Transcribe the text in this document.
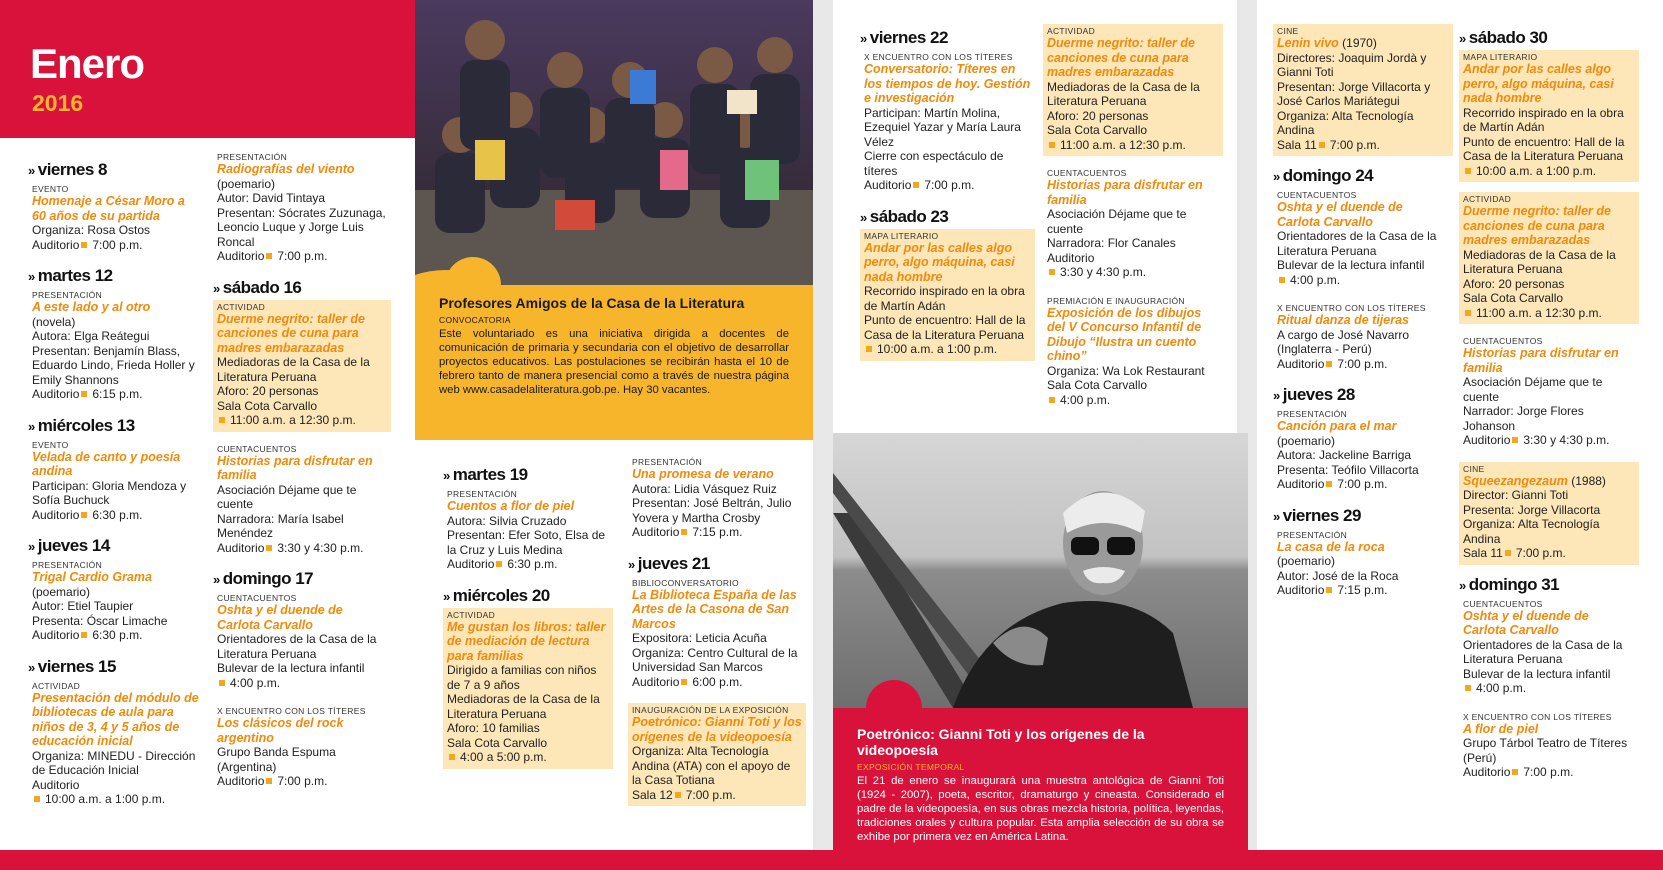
Enero
2016
Profesores Amigos de la Casa de la Literatura
CONVOCATORIA
Este voluntariado es una iniciativa dirigida a docentes de comunicación de primaria y secundaria con el objetivo de desarrollar proyectos educativos. Las postulaciones se recibirán hasta el 10 de febrero tanto de manera presencial como a través de nuestra página web www.casadelaliteratura.gob.pe. Hay 30 vacantes.
Poetrónico: Gianni Toti y los orígenes de la videopoesía
EXPOSICIÓN TEMPORAL
El 21 de enero se inaugurará una muestra antológica de Gianni Toti (1924 - 2007), poeta, escritor, dramaturgo y cineasta. Considerado el padre de la videopoesía, en sus obras mezcla historia, política, leyendas, tradiciones orales y cultura popular. Esta amplia selección de su obra se exhibe por primera vez en América Latina.
» viernes 8
EVENTO
Homenaje a César Moro a 60 años de su partida
Organiza: Rosa Ostos
Auditorio 7:00 p.m.
» martes 12
PRESENTACIÓN
A este lado y al otro
(novela)
Autora: Elga Reátegui
Presentan: Benjamín Blass, Eduardo Lindo, Frieda Holler y Emily Shannons
Auditorio 6:15 p.m.
» miércoles 13
EVENTO
Velada de canto y poesía andina
Participan: Gloria Mendoza y Sofía Buchuck
Auditorio 6:30 p.m.
» jueves 14
PRESENTACIÓN
Trigal Cardio Grama
(poemario)
Autor: Etiel Taupier
Presenta: Óscar Limache
Auditorio 6:30 p.m.
» viernes 15
ACTIVIDAD
Presentación del módulo de bibliotecas de aula para niños de 3, 4 y 5 años de educación inicial
Organiza: MINEDU - Dirección de Educación Inicial
Auditorio
10:00 a.m. a 1:00 p.m.
PRESENTACIÓN
Radiografías del viento
(poemario)
Autor: David Tintaya
Presentan: Sócrates Zuzunaga, Leoncio Luque y Jorge Luis Roncal
Auditorio 7:00 p.m.
» sábado 16
ACTIVIDAD
Duerme negrito: taller de canciones de cuna para madres embarazadas
Mediadoras de la Casa de la Literatura Peruana
Aforo: 20 personas
Sala Cota Carvallo
11:00 a.m. a 12:30 p.m.
CUENTACUENTOS
Historias para disfrutar en familia
Asociación Déjame que te cuente
Narradora: María Isabel Menéndez
Auditorio 3:30 y 4:30 p.m.
» domingo 17
CUENTACUENTOS
Oshta y el duende de Carlota Carvallo
Orientadores de la Casa de la Literatura Peruana
Bulevar de la lectura infantil
4:00 p.m.
X ENCUENTRO CON LOS TÍTERES
Los clásicos del rock argentino
Grupo Banda Espuma (Argentina)
Auditorio 7:00 p.m.
» martes 19
PRESENTACIÓN
Cuentos a flor de piel
Autora: Silvia Cruzado
Presentan: Efer Soto, Elsa de la Cruz y Luis Medina
Auditorio 6:30 p.m.
» miércoles 20
ACTIVIDAD
Me gustan los libros: taller de mediación de lectura para familias
Dirigido a familias con niños de 7 a 9 años
Mediadoras de la Casa de la Literatura Peruana
Aforo: 10 familias
Sala Cota Carvallo
4:00 a 5:00 p.m.
PRESENTACIÓN
Una promesa de verano
Autora: Lidia Vásquez Ruiz
Presentan: José Beltrán, Julio Yovera y Martha Crosby
Auditorio 7:15 p.m.
» jueves 21
BIBLIOCONVERSATORIO
La Biblioteca España de las Artes de la Casona de San Marcos
Expositora: Leticia Acuña
Organiza: Centro Cultural de la Universidad San Marcos
Auditorio 6:00 p.m.
INAUGURACIÓN DE LA EXPOSICIÓN
Poetrónico: Gianni Toti y los orígenes de la videopoesía
Organiza: Alta Tecnología Andina (ATA) con el apoyo de la Casa Totiana
Sala 12 7:00 p.m.
» viernes 22
X ENCUENTRO CON LOS TÍTERES
Conversatorio: Títeres en los tiempos de hoy. Gestión e investigación
Participan: Martín Molina, Ezequiel Yazar y María Laura Vélez
Cierre con espectáculo de títeres
Auditorio 7:00 p.m.
» sábado 23
MAPA LITERARIO
Andar por las calles algo perro, algo máquina, casi nada hombre
Recorrido inspirado en la obra de Martín Adán
Punto de encuentro: Hall de la Casa de la Literatura Peruana
10:00 a.m. a 1:00 p.m.
ACTIVIDAD
Duerme negrito: taller de canciones de cuna para madres embarazadas
Mediadoras de la Casa de la Literatura Peruana
Aforo: 20 personas
Sala Cota Carvallo
11:00 a.m. a 12:30 p.m.
CUENTACUENTOS
Historias para disfrutar en familia
Asociación Déjame que te cuente
Narradora: Flor Canales
Auditorio
3:30 y 4:30 p.m.
PREMIACIÓN E INAUGURACIÓN
Exposición de los dibujos del V Concurso Infantil de Dibujo “Ilustra un cuento chino”
Organiza: Wa Lok Restaurant
Sala Cota Carvallo
4:00 p.m.
CINE
Lenin vivo (1970)
Directores: Joaquim Jordà y Gianni Toti
Presentan: Jorge Villacorta y José Carlos Mariátegui
Organiza: Alta Tecnología Andina
Sala 11 7:00 p.m.
» domingo 24
CUENTACUENTOS
Oshta y el duende de Carlota Carvallo
Orientadores de la Casa de la Literatura Peruana
Bulevar de la lectura infantil
4:00 p.m.
X ENCUENTRO CON LOS TÍTERES
Ritual danza de tijeras
A cargo de José Navarro (Inglaterra - Perú)
Auditorio 7:00 p.m.
» jueves 28
PRESENTACIÓN
Canción para el mar
(poemario)
Autora: Jackeline Barriga
Presenta: Teófilo Villacorta
Auditorio 7:00 p.m.
» viernes 29
PRESENTACIÓN
La casa de la roca
(poemario)
Autor: José de la Roca
Auditorio 7:15 p.m.
» sábado 30
MAPA LITERARIO
Andar por las calles algo perro, algo máquina, casi nada hombre
Recorrido inspirado en la obra de Martín Adán
Punto de encuentro: Hall de la Casa de la Literatura Peruana
10:00 a.m. a 1:00 p.m.
ACTIVIDAD
Duerme negrito: taller de canciones de cuna para madres embarazadas
Mediadoras de la Casa de la Literatura Peruana
Aforo: 20 personas
Sala Cota Carvallo
11:00 a.m. a 12:30 p.m.
CUENTACUENTOS
Historias para disfrutar en familia
Asociación Déjame que te cuente
Narrador: Jorge Flores Johanson
Auditorio 3:30 y 4:30 p.m.
CINE
Squeezangezaum (1988)
Director: Gianni Toti
Presenta: Jorge Villacorta
Organiza: Alta Tecnología Andina
Sala 11 7:00 p.m.
» domingo 31
CUENTACUENTOS
Oshta y el duende de Carlota Carvallo
Orientadores de la Casa de la Literatura Peruana
Bulevar de la lectura infantil
4:00 p.m.
X ENCUENTRO CON LOS TÍTERES
A flor de piel
Grupo Tárbol Teatro de Títeres (Perú)
Auditorio 7:00 p.m.
